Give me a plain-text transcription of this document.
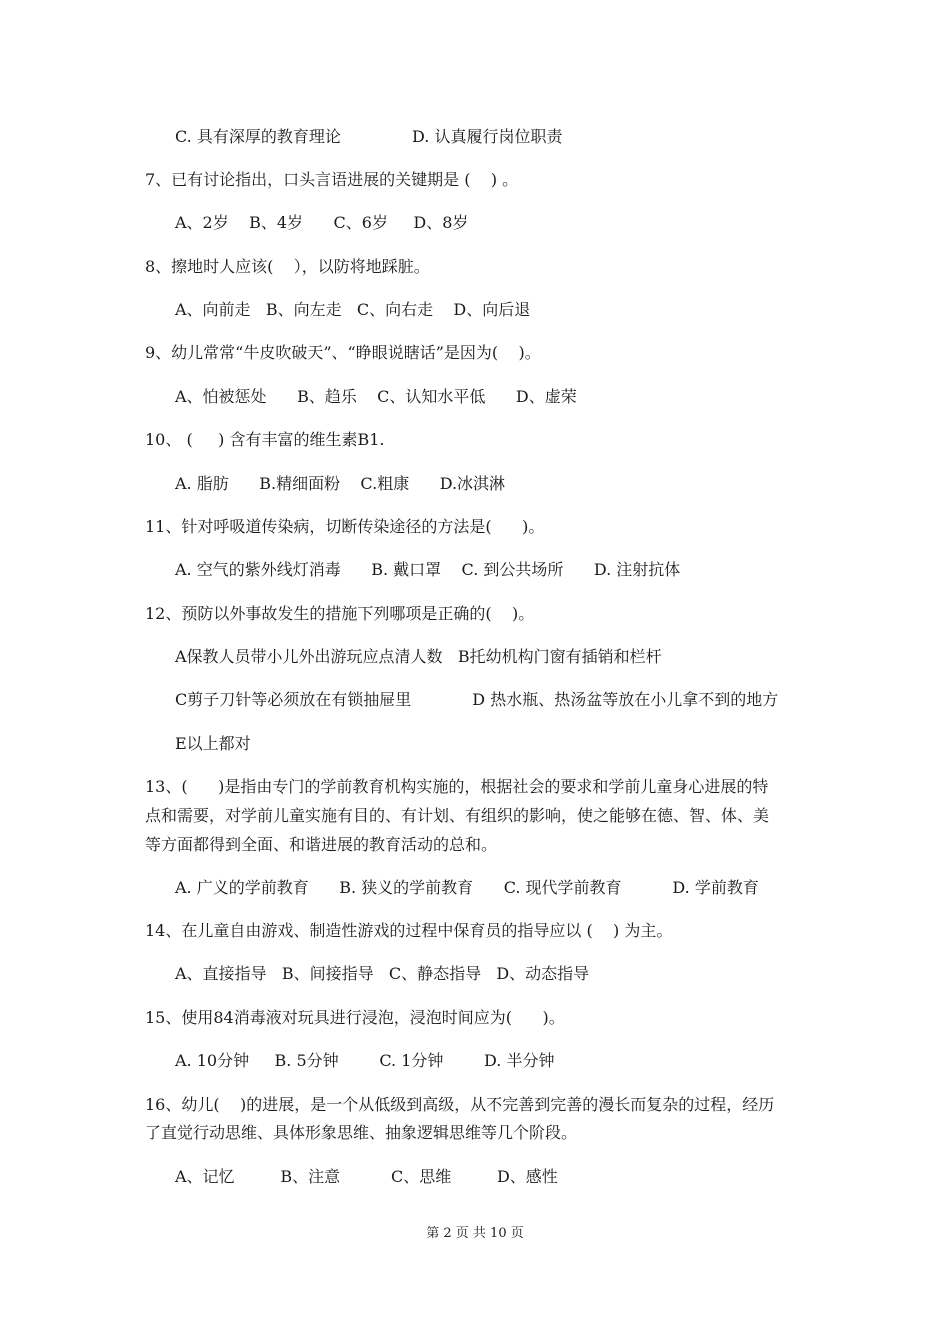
C. 具有深厚的教育理论              D. 认真履行岗位职责
7、已有讨论指出，口头言语进展的关键期是 (    ) 。
A、2岁    B、4岁      C、6岁     D、8岁
8、擦地时人应该(    ），以防将地踩脏。
A、向前走   B、向左走   C、向右走    D、向后退
9、幼儿常常“牛皮吹破天”、“睁眼说瞎话”是因为(    )。
A、怕被惩处      B、趋乐    C、认知水平低      D、虚荣
10、 (     ) 含有丰富的维生素B1.
A. 脂肪      B.精细面粉    C.粗康      D.冰淇淋
11、针对呼吸道传染病，切断传染途径的方法是(      )。
A. 空气的紫外线灯消毒      B. 戴口罩    C. 到公共场所      D. 注射抗体
12、预防以外事故发生的措施下列哪项是正确的(    )。
A保教人员带小儿外出游玩应点清人数   B托幼机构门窗有插销和栏杆
C剪子刀针等必须放在有锁抽屉里            D 热水瓶、热汤盆等放在小儿拿不到的地方
E以上都对
13、(      )是指由专门的学前教育机构实施的，根据社会的要求和学前儿童身心进展的特
点和需要，对学前儿童实施有目的、有计划、有组织的影响，使之能够在德、智、体、美
等方面都得到全面、和谐进展的教育活动的总和。
A. 广义的学前教育      B. 狭义的学前教育      C. 现代学前教育          D. 学前教育
14、在儿童自由游戏、制造性游戏的过程中保育员的指导应以 (    ) 为主。
A、直接指导   B、间接指导   C、静态指导   D、动态指导
15、使用84消毒液对玩具进行浸泡，浸泡时间应为(      )。
A. 10分钟     B. 5分钟        C. 1分钟        D. 半分钟
16、幼儿(    )的进展，是一个从低级到高级，从不完善到完善的漫长而复杂的过程，经历
了直觉行动思维、具体形象思维、抽象逻辑思维等几个阶段。
A、记忆         B、注意          C、思维         D、感性
第 2 页 共 10 页
